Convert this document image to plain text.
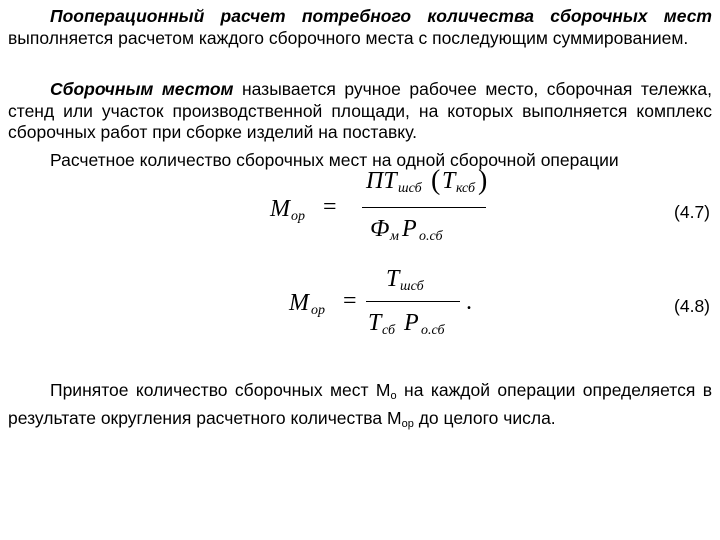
Пооперационный расчет потребного количества сборочных мест выполняется расчетом каждого сборочного места с последующим суммированием.

Сборочным местом называется ручное рабочее место, сборочная тележка, стенд или участок производственной площади, на которых выполняется комплекс сборочных работ при сборке изделий на поставку.

Расчетное количество сборочных мест на одной сборочной операции

M ор =
ПT шсб ( T ксб )
Ф м P о.сб
(4.7)
M ор =
T шсб
T сб P о.сб
.	(4.8)

Принятое количество сборочных мест $М_о$ на каждой операции определяется в результате округления расчетного количества $М_{ор}$ до целого числа.
